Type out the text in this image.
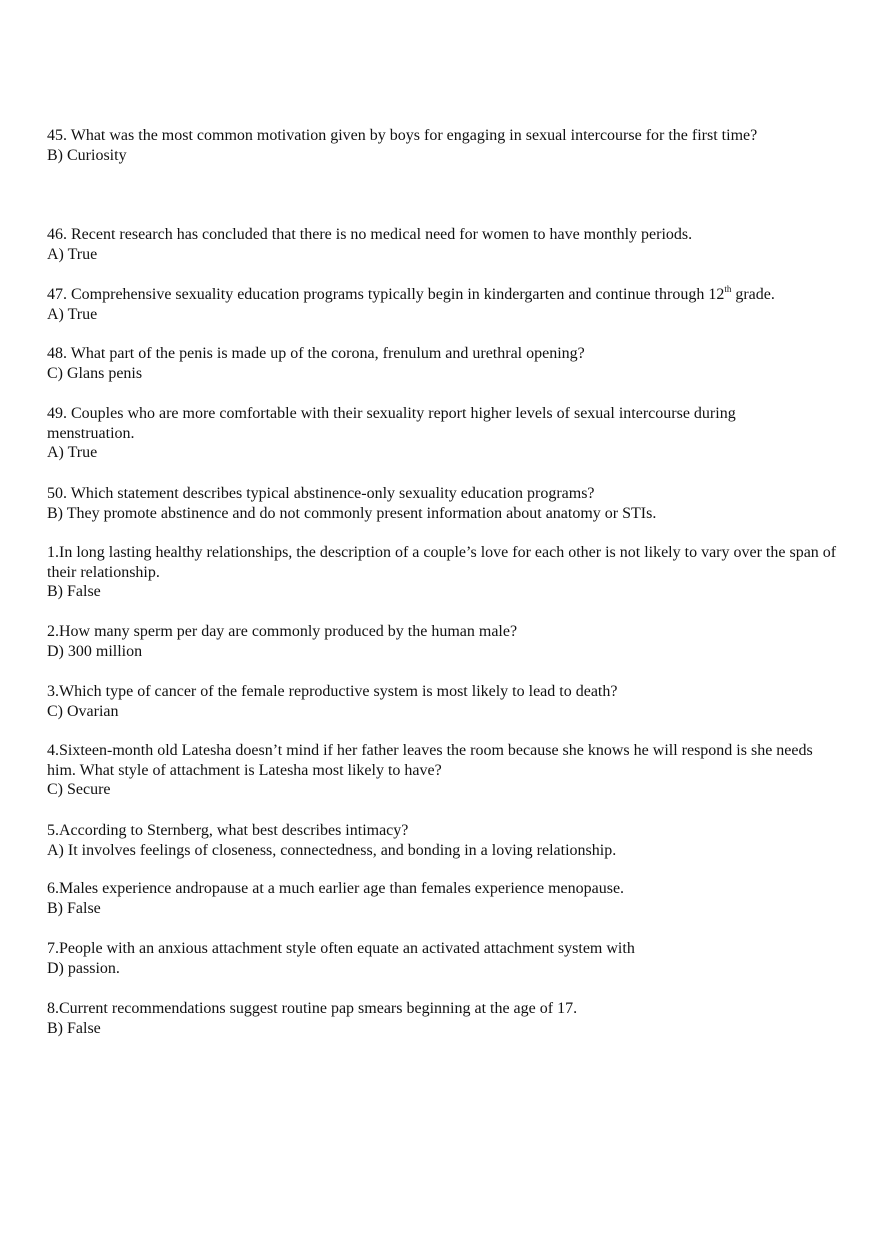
45. What was the most common motivation given by boys for engaging in sexual intercourse for the first time?

B) Curiosity

46. Recent research has concluded that there is no medical need for women to have monthly periods.

A) True

47. Comprehensive sexuality education programs typically begin in kindergarten and continue through 12th grade.

A) True

48. What part of the penis is made up of the corona, frenulum and urethral opening?

C) Glans penis

49. Couples who are more comfortable with their sexuality report higher levels of sexual intercourse during menstruation.

A) True

50. Which statement describes typical abstinence-only sexuality education programs?

B) They promote abstinence and do not commonly present information about anatomy or STIs.

1.In long lasting healthy relationships, the description of a couple’s love for each other is not likely to vary over the span of their relationship.

B) False

2.How many sperm per day are commonly produced by the human male?

D) 300 million

3.Which type of cancer of the female reproductive system is most likely to lead to death?

C) Ovarian

4.Sixteen-month old Latesha doesn’t mind if her father leaves the room because she knows he will respond is she needs him. What style of attachment is Latesha most likely to have?

C) Secure

5.According to Sternberg, what best describes intimacy?

A) It involves feelings of closeness, connectedness, and bonding in a loving relationship.

6.Males experience andropause at a much earlier age than females experience menopause.

B) False

7.People with an anxious attachment style often equate an activated attachment system with

D) passion.

8.Current recommendations suggest routine pap smears beginning at the age of 17.

B) False
